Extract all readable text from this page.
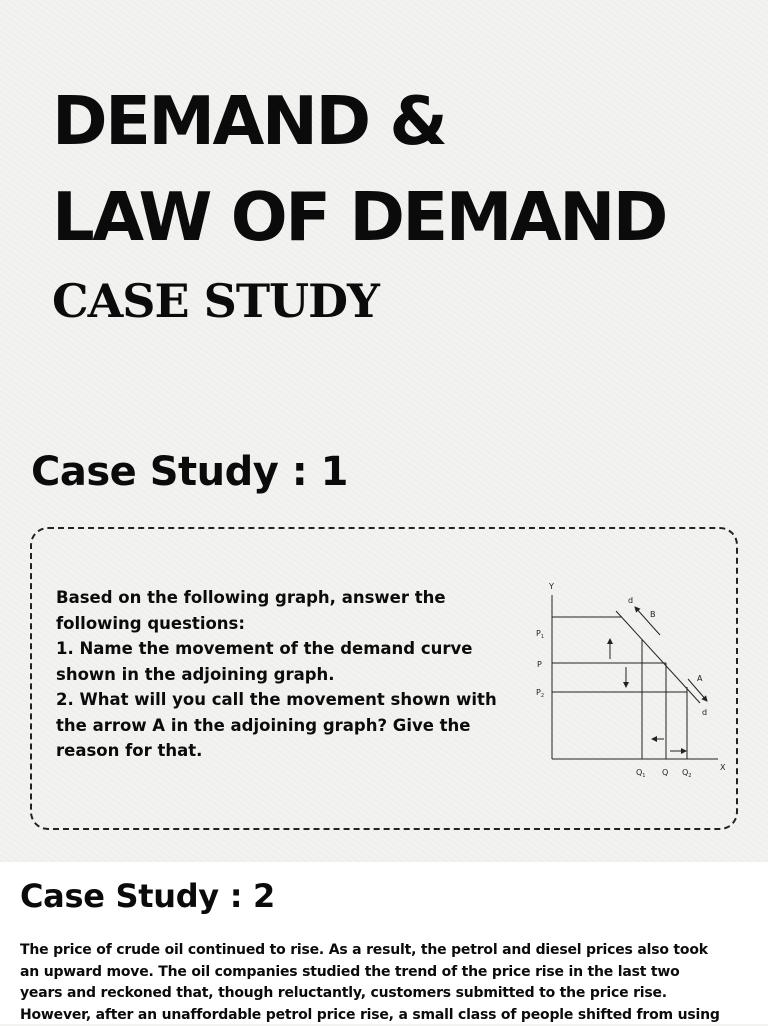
DEMAND &
LAW OF DEMAND
CASE STUDY
Case Study : 1
Based on the following graph, answer the
following questions:
1. Name the movement of the demand curve
shown in the adjoining graph.
2. What will you call the movement shown with
the arrow A in the adjoining graph? Give the
reason for that.
Y
X
d
d
B
A
$P_1$
P
$P_2$
$Q_1$ Q $Q_2$
Case Study : 2
The price of crude oil continued to rise. As a result, the petrol and diesel prices also took
an upward move. The oil companies studied the trend of the price rise in the last two
years and reckoned that, though reluctantly, customers submitted to the price rise.
However, after an unaffordable petrol price rise, a small class of people shifted from using
